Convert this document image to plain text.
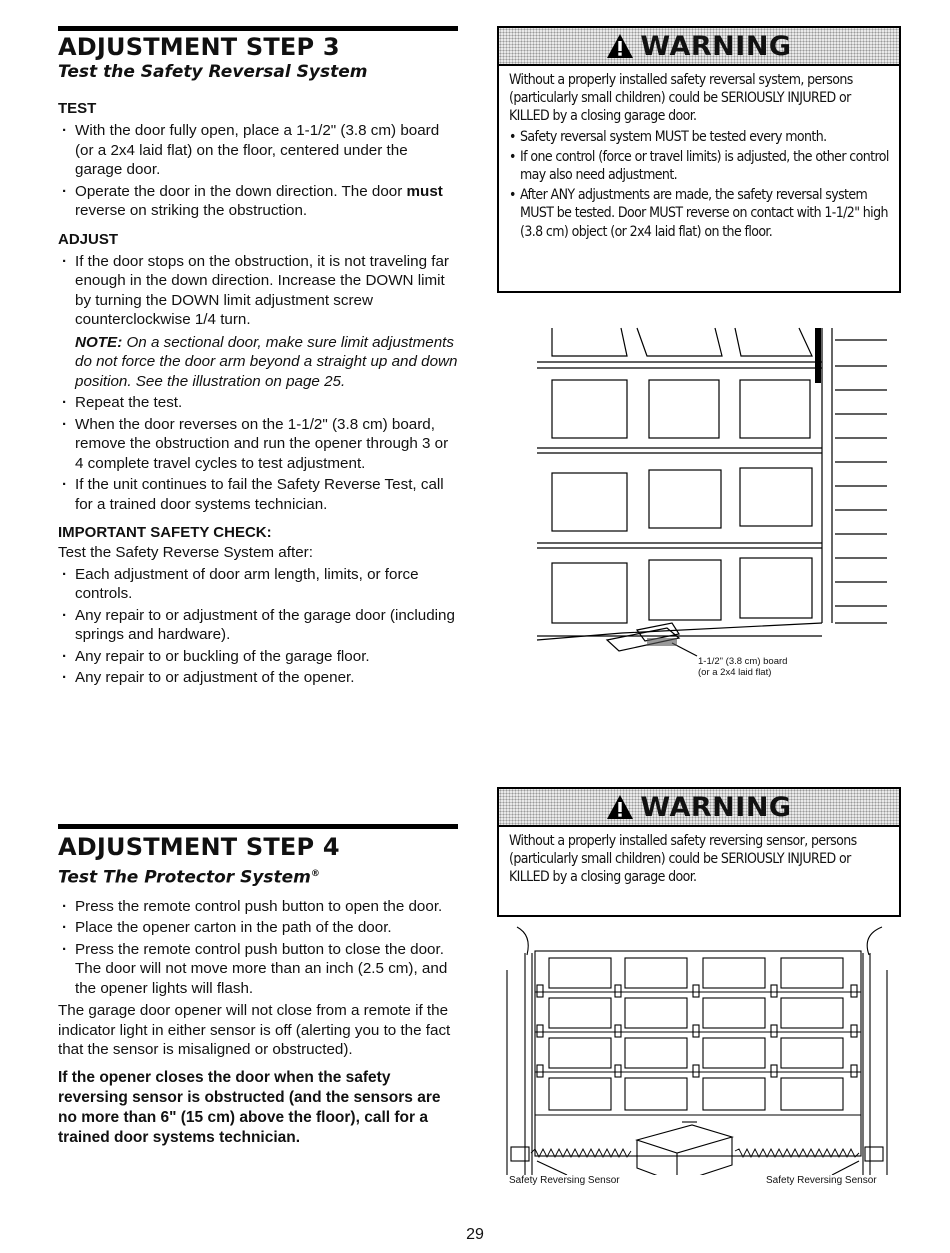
ADJUSTMENT STEP 3
Test the Safety Reversal System
TEST
· With the door fully open, place a 1-1/2" (3.8 cm) board (or a 2x4 laid flat) on the floor, centered under the garage door.
· Operate the door in the down direction. The door must reverse on striking the obstruction.
ADJUST
· If the door stops on the obstruction, it is not traveling far enough in the down direction. Increase the DOWN limit by turning the DOWN limit adjustment screw counterclockwise 1/4 turn.
NOTE: On a sectional door, make sure limit adjustments do not force the door arm beyond a straight up and down position. See the illustration on page 25.
· Repeat the test.
· When the door reverses on the 1-1/2" (3.8 cm) board, remove the obstruction and run the opener through 3 or 4 complete travel cycles to test adjustment.
· If the unit continues to fail the Safety Reverse Test, call for a trained door systems technician.
IMPORTANT SAFETY CHECK:
Test the Safety Reverse System after:
· Each adjustment of door arm length, limits, or force controls.
· Any repair to or adjustment of the garage door (including springs and hardware).
· Any repair to or buckling of the garage floor.
· Any repair to or adjustment of the opener.
ADJUSTMENT STEP 4
Test The Protector System®
· Press the remote control push button to open the door.
· Place the opener carton in the path of the door.
· Press the remote control push button to close the door. The door will not move more than an inch (2.5 cm), and the opener lights will flash.
The garage door opener will not close from a remote if the indicator light in either sensor is off (alerting you to the fact that the sensor is misaligned or obstructed).
If the opener closes the door when the safety reversing sensor is obstructed (and the sensors are no more than 6" (15 cm) above the floor), call for a trained door systems technician.
WARNING

Without a properly installed safety reversal system, persons (particularly small children) could be SERIOUSLY INJURED or KILLED by a closing garage door.

• Safety reversal system MUST be tested every month.
• If one control (force or travel limits) is adjusted, the other control may also need adjustment.
• After ANY adjustments are made, the safety reversal system MUST be tested. Door MUST reverse on contact with 1-1/2" high (3.8 cm) object (or 2x4 laid flat) on the floor.
1-1/2" (3.8 cm) board
(or a 2x4 laid flat)
WARNING

Without a properly installed safety reversing sensor, persons (particularly small children) could be SERIOUSLY INJURED or KILLED by a closing garage door.

Safety Reversing Sensor	Safety Reversing Sensor
29
